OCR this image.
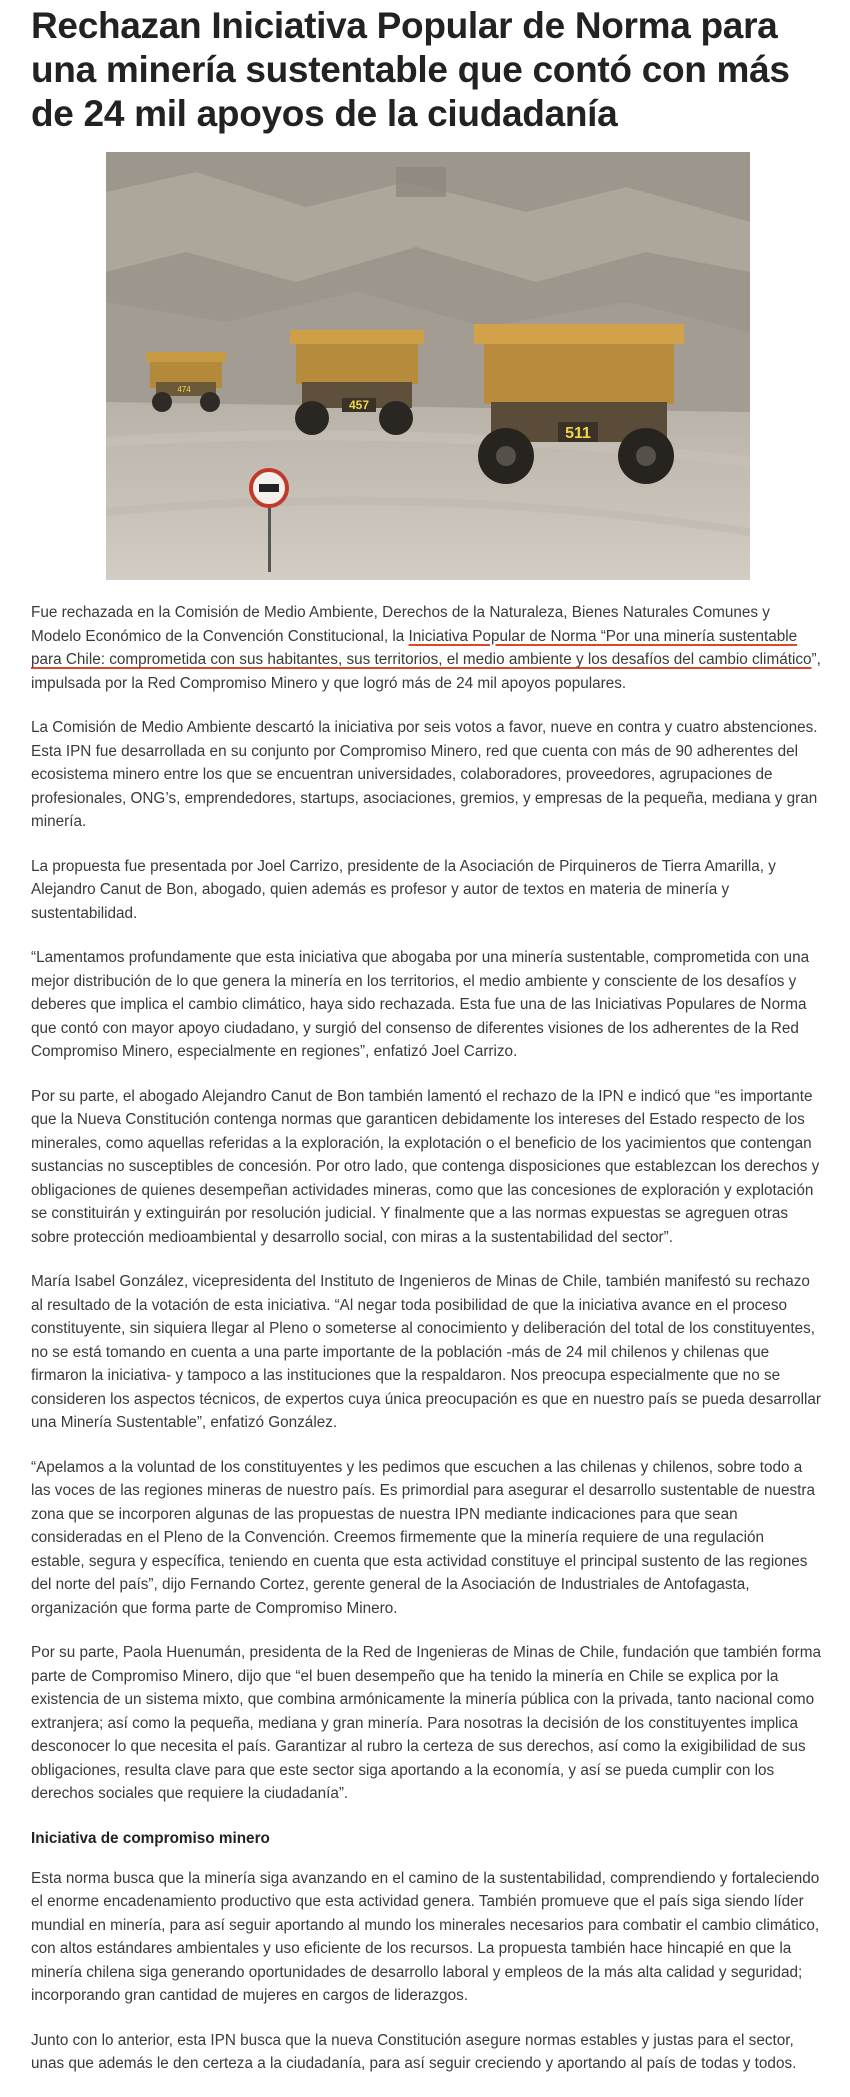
Rechazan Iniciativa Popular de Norma para una minería sustentable que contó con más de 24 mil apoyos de la ciudadanía
474
457
511

Fue rechazada en la Comisión de Medio Ambiente, Derechos de la Naturaleza, Bienes Naturales Comunes y Modelo Económico de la Convención Constitucional, la Iniciativa Popular de Norma “Por una minería sustentable para Chile: comprometida con sus habitantes, sus territorios, el medio ambiente y los desafíos del cambio climático”, impulsada por la Red Compromiso Minero y que logró más de 24 mil apoyos populares.

La Comisión de Medio Ambiente descartó la iniciativa por seis votos a favor, nueve en contra y cuatro abstenciones. Esta IPN fue desarrollada en su conjunto por Compromiso Minero, red que cuenta con más de 90 adherentes del ecosistema minero entre los que se encuentran universidades, colaboradores, proveedores, agrupaciones de profesionales, ONG’s, emprendedores, startups, asociaciones, gremios, y empresas de la pequeña, mediana y gran minería.

La propuesta fue presentada por Joel Carrizo, presidente de la Asociación de Pirquineros de Tierra Amarilla, y Alejandro Canut de Bon, abogado, quien además es profesor y autor de textos en materia de minería y sustentabilidad.

“Lamentamos profundamente que esta iniciativa que abogaba por una minería sustentable, comprometida con una mejor distribución de lo que genera la minería en los territorios, el medio ambiente y consciente de los desafíos y deberes que implica el cambio climático, haya sido rechazada. Esta fue una de las Iniciativas Populares de Norma que contó con mayor apoyo ciudadano, y surgió del consenso de diferentes visiones de los adherentes de la Red Compromiso Minero, especialmente en regiones”, enfatizó Joel Carrizo.

Por su parte, el abogado Alejandro Canut de Bon también lamentó el rechazo de la IPN e indicó que “es importante que la Nueva Constitución contenga normas que garanticen debidamente los intereses del Estado respecto de los minerales, como aquellas referidas a la exploración, la explotación o el beneficio de los yacimientos que contengan sustancias no susceptibles de concesión. Por otro lado, que contenga disposiciones que establezcan los derechos y obligaciones de quienes desempeñan actividades mineras, como que las concesiones de exploración y explotación se constituirán y extinguirán por resolución judicial. Y finalmente que a las normas expuestas se agreguen otras sobre protección medioambiental y desarrollo social, con miras a la sustentabilidad del sector”.

María Isabel González, vicepresidenta del Instituto de Ingenieros de Minas de Chile, también manifestó su rechazo al resultado de la votación de esta iniciativa. “Al negar toda posibilidad de que la iniciativa avance en el proceso constituyente, sin siquiera llegar al Pleno o someterse al conocimiento y deliberación del total de los constituyentes, no se está tomando en cuenta a una parte importante de la población -más de 24 mil chilenos y chilenas que firmaron la iniciativa- y tampoco a las instituciones que la respaldaron. Nos preocupa especialmente que no se consideren los aspectos técnicos, de expertos cuya única preocupación es que en nuestro país se pueda desarrollar una Minería Sustentable”, enfatizó González.

“Apelamos a la voluntad de los constituyentes y les pedimos que escuchen a las chilenas y chilenos, sobre todo a las voces de las regiones mineras de nuestro país. Es primordial para asegurar el desarrollo sustentable de nuestra zona que se incorporen algunas de las propuestas de nuestra IPN mediante indicaciones para que sean consideradas en el Pleno de la Convención. Creemos firmemente que la minería requiere de una regulación estable, segura y específica, teniendo en cuenta que esta actividad constituye el principal sustento de las regiones del norte del país”, dijo Fernando Cortez, gerente general de la Asociación de Industriales de Antofagasta, organización que forma parte de Compromiso Minero.

Por su parte, Paola Huenumán, presidenta de la Red de Ingenieras de Minas de Chile, fundación que también forma parte de Compromiso Minero, dijo que “el buen desempeño que ha tenido la minería en Chile se explica por la existencia de un sistema mixto, que combina armónicamente la minería pública con la privada, tanto nacional como extranjera; así como la pequeña, mediana y gran minería. Para nosotras la decisión de los constituyentes implica desconocer lo que necesita el país. Garantizar al rubro la certeza de sus derechos, así como la exigibilidad de sus obligaciones, resulta clave para que este sector siga aportando a la economía, y así se pueda cumplir con los derechos sociales que requiere la ciudadanía”.

Iniciativa de compromiso minero

Esta norma busca que la minería siga avanzando en el camino de la sustentabilidad, comprendiendo y fortaleciendo el enorme encadenamiento productivo que esta actividad genera. También promueve que el país siga siendo líder mundial en minería, para así seguir aportando al mundo los minerales necesarios para combatir el cambio climático, con altos estándares ambientales y uso eficiente de los recursos. La propuesta también hace hincapié en que la minería chilena siga generando oportunidades de desarrollo laboral y empleos de la más alta calidad y seguridad; incorporando gran cantidad de mujeres en cargos de liderazgos.

Junto con lo anterior, esta IPN busca que la nueva Constitución asegure normas estables y justas para el sector, unas que además le den certeza a la ciudadanía, para así seguir creciendo y aportando al país de todas y todos.
